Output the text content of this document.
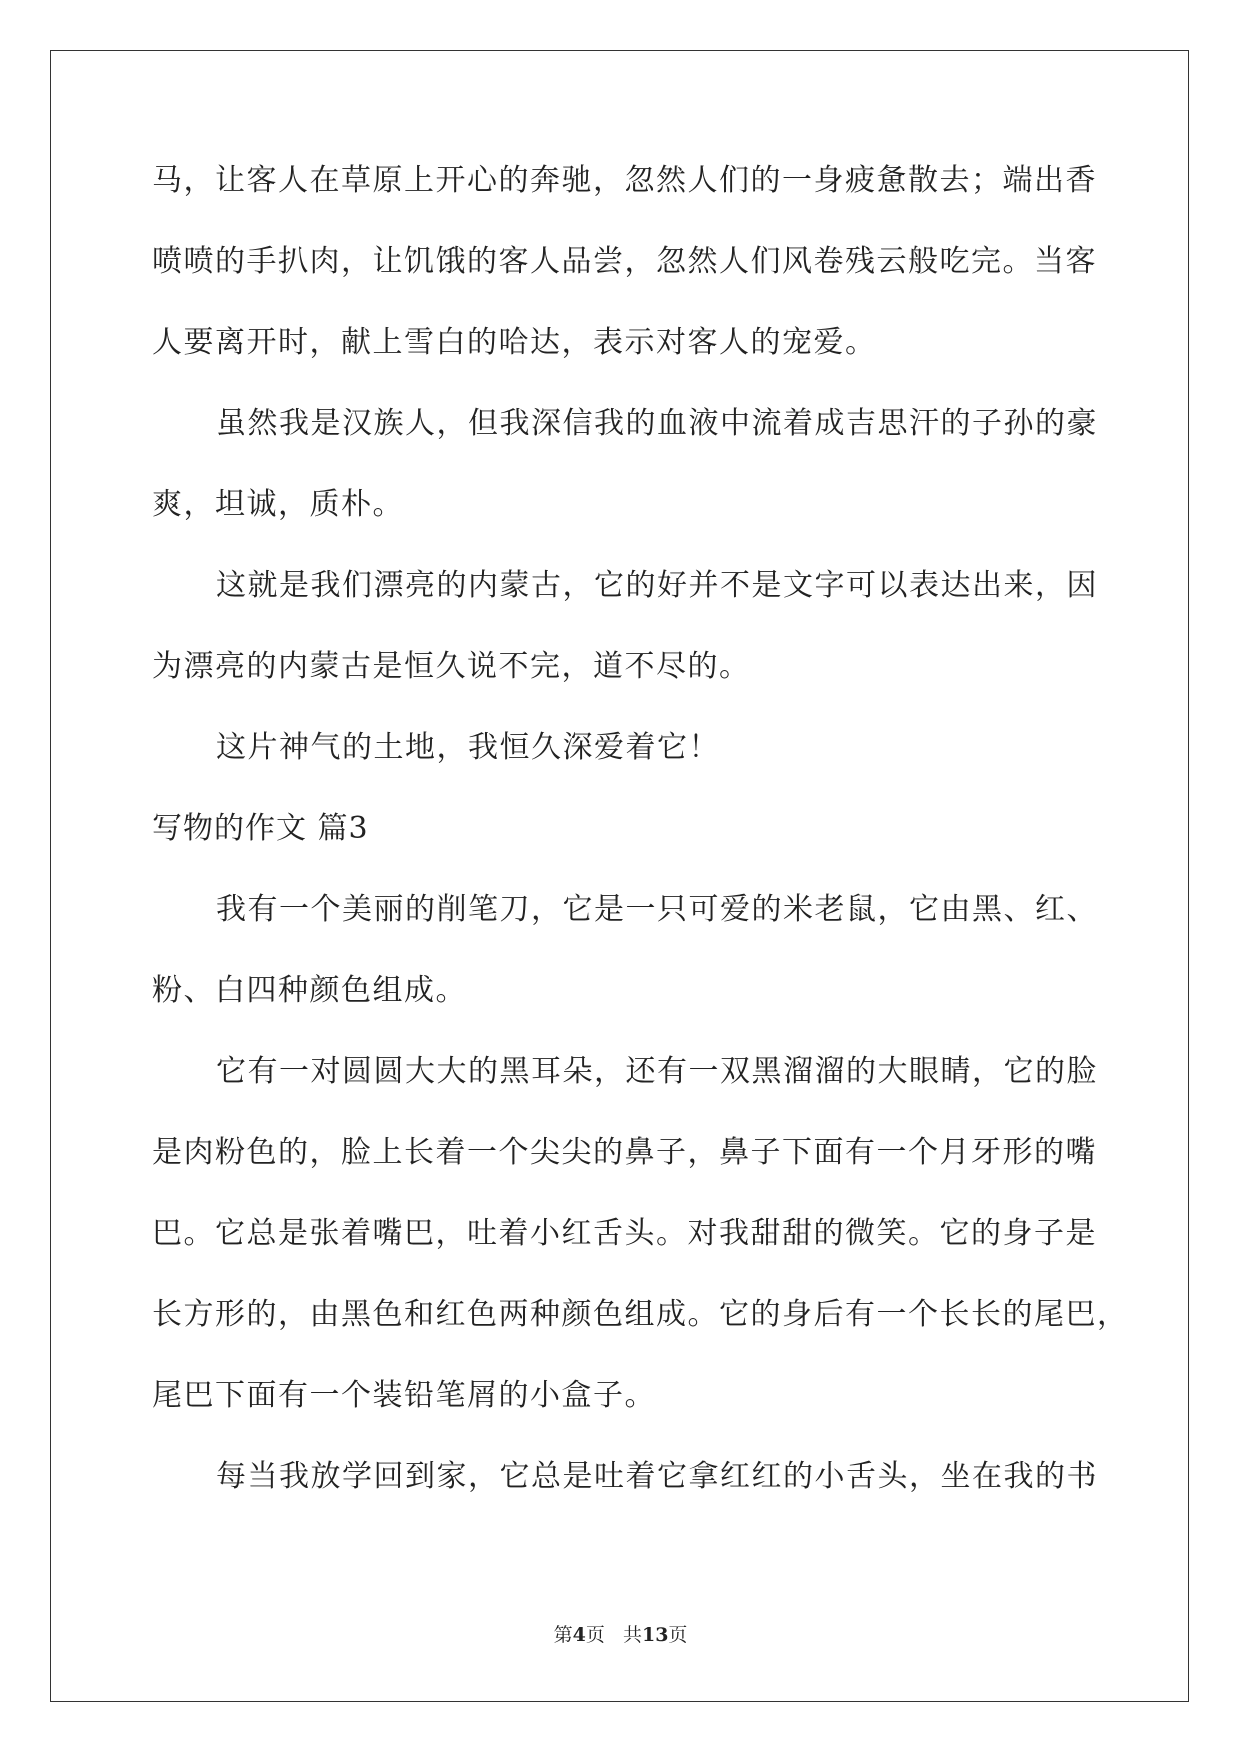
马，让客人在草原上开心的奔驰，忽然人们的一身疲惫散去；端出香
喷喷的手扒肉，让饥饿的客人品尝，忽然人们风卷残云般吃完。当客
人要离开时，献上雪白的哈达，表示对客人的宠爱。
虽然我是汉族人，但我深信我的血液中流着成吉思汗的子孙的豪
爽，坦诚，质朴。
这就是我们漂亮的内蒙古，它的好并不是文字可以表达出来，因
为漂亮的内蒙古是恒久说不完，道不尽的。
这片神气的土地，我恒久深爱着它！
写物的作文 篇3
我有一个美丽的削笔刀，它是一只可爱的米老鼠，它由黑、红、
粉、白四种颜色组成。
它有一对圆圆大大的黑耳朵，还有一双黑溜溜的大眼睛，它的脸
是肉粉色的，脸上长着一个尖尖的鼻子，鼻子下面有一个月牙形的嘴
巴。它总是张着嘴巴，吐着小红舌头。对我甜甜的微笑。它的身子是
长方形的，由黑色和红色两种颜色组成。它的身后有一个长长的尾巴，
尾巴下面有一个装铅笔屑的小盒子。
每当我放学回到家，它总是吐着它拿红红的小舌头，坐在我的书
第4页 共13页
